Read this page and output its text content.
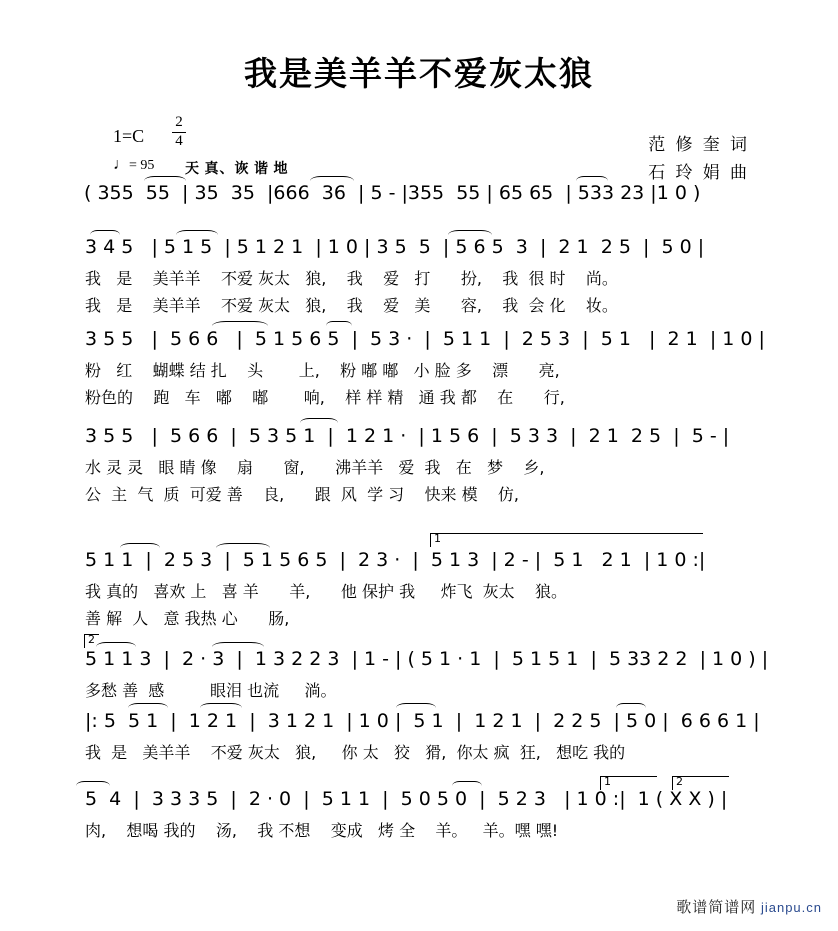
我是美羊羊不爱灰太狼
1=C
2
4
♩= 95 天 真、诙 谐 地
范 修 奎 词
石 玲 娟 曲
( 355  55  | 35  35  |666  36  | 5 - |355  55 | 65 65  | 533 23 |1 0 )
3 4 5   | 5 1 5  | 5 1 2 1  | 1 0 | 3 5  5  | 5 6 5  3  |  2 1  2 5  |  5 0 |
我   是    美羊羊    不爱 灰太   狼,    我    爱   打      扮,    我  很 时    尚。
我   是    美羊羊    不爱 灰太   狼,    我    爱   美      容,    我  会 化    妆。
3 5 5   |  5 6 6   |  5 1 5 6 5  |  5 3 ·  |  5 1 1  |  2 5 3  |  5 1   |  2 1  | 1 0 |
粉   红    蝴蝶 结 扎    头       上,    粉 嘟 嘟   小 脸 多    漂      亮,
粉色的    跑   车   嘟    嘟       响,    样 样 精   通 我 都    在      行,
3 5 5   |  5 6 6  |  5 3 5 1  |  1 2 1 ·  | 1 5 6  |  5 3 3  |  2 1  2 5  |  5 - |
水 灵 灵   眼 睛 像    扇      窗,      沸羊羊   爱  我   在   梦    乡,
公  主  气  质  可爱 善    良,      跟  风  学 习    快来 模    仿,
1
5 1 1  |  2 5 3  |  5 1 5 6 5  |  2 3 ·  |  5 1 3  | 2 - |  5 1   2 1  | 1 0 :|
我 真的   喜欢 上   喜 羊      羊,      他 保护 我     炸飞  灰太    狼。
善 解  人   意 我热 心      肠,
2
5 1 1 3  |  2 · 3  |  1 3 2 2 3  | 1 - | ( 5 1 · 1  |  5 1 5 1  |  5 33 2 2  | 1 0 ) |
多愁 善  感         眼泪 也流     淌。
|: 5  5 1  |  1 2 1  |  3 1 2 1  | 1 0 |  5 1  |  1 2 1  |  2 2 5  | 5 0 |  6 6 6 1 |
我  是   美羊羊    不爱 灰太   狼,     你 太   狡   猾,  你太 疯  狂,   想吃 我的
1	2
5  4  |  3 3 3 5  |  2 · 0  |  5 1 1  |  5 0 5 0  |  5 2 3   | 1 0 :|  1 ( X X ) |
肉,    想喝 我的    汤,    我 不想    变成   烤 全    羊。   羊。嘿 嘿!
歌谱简谱网 jianpu.cn
